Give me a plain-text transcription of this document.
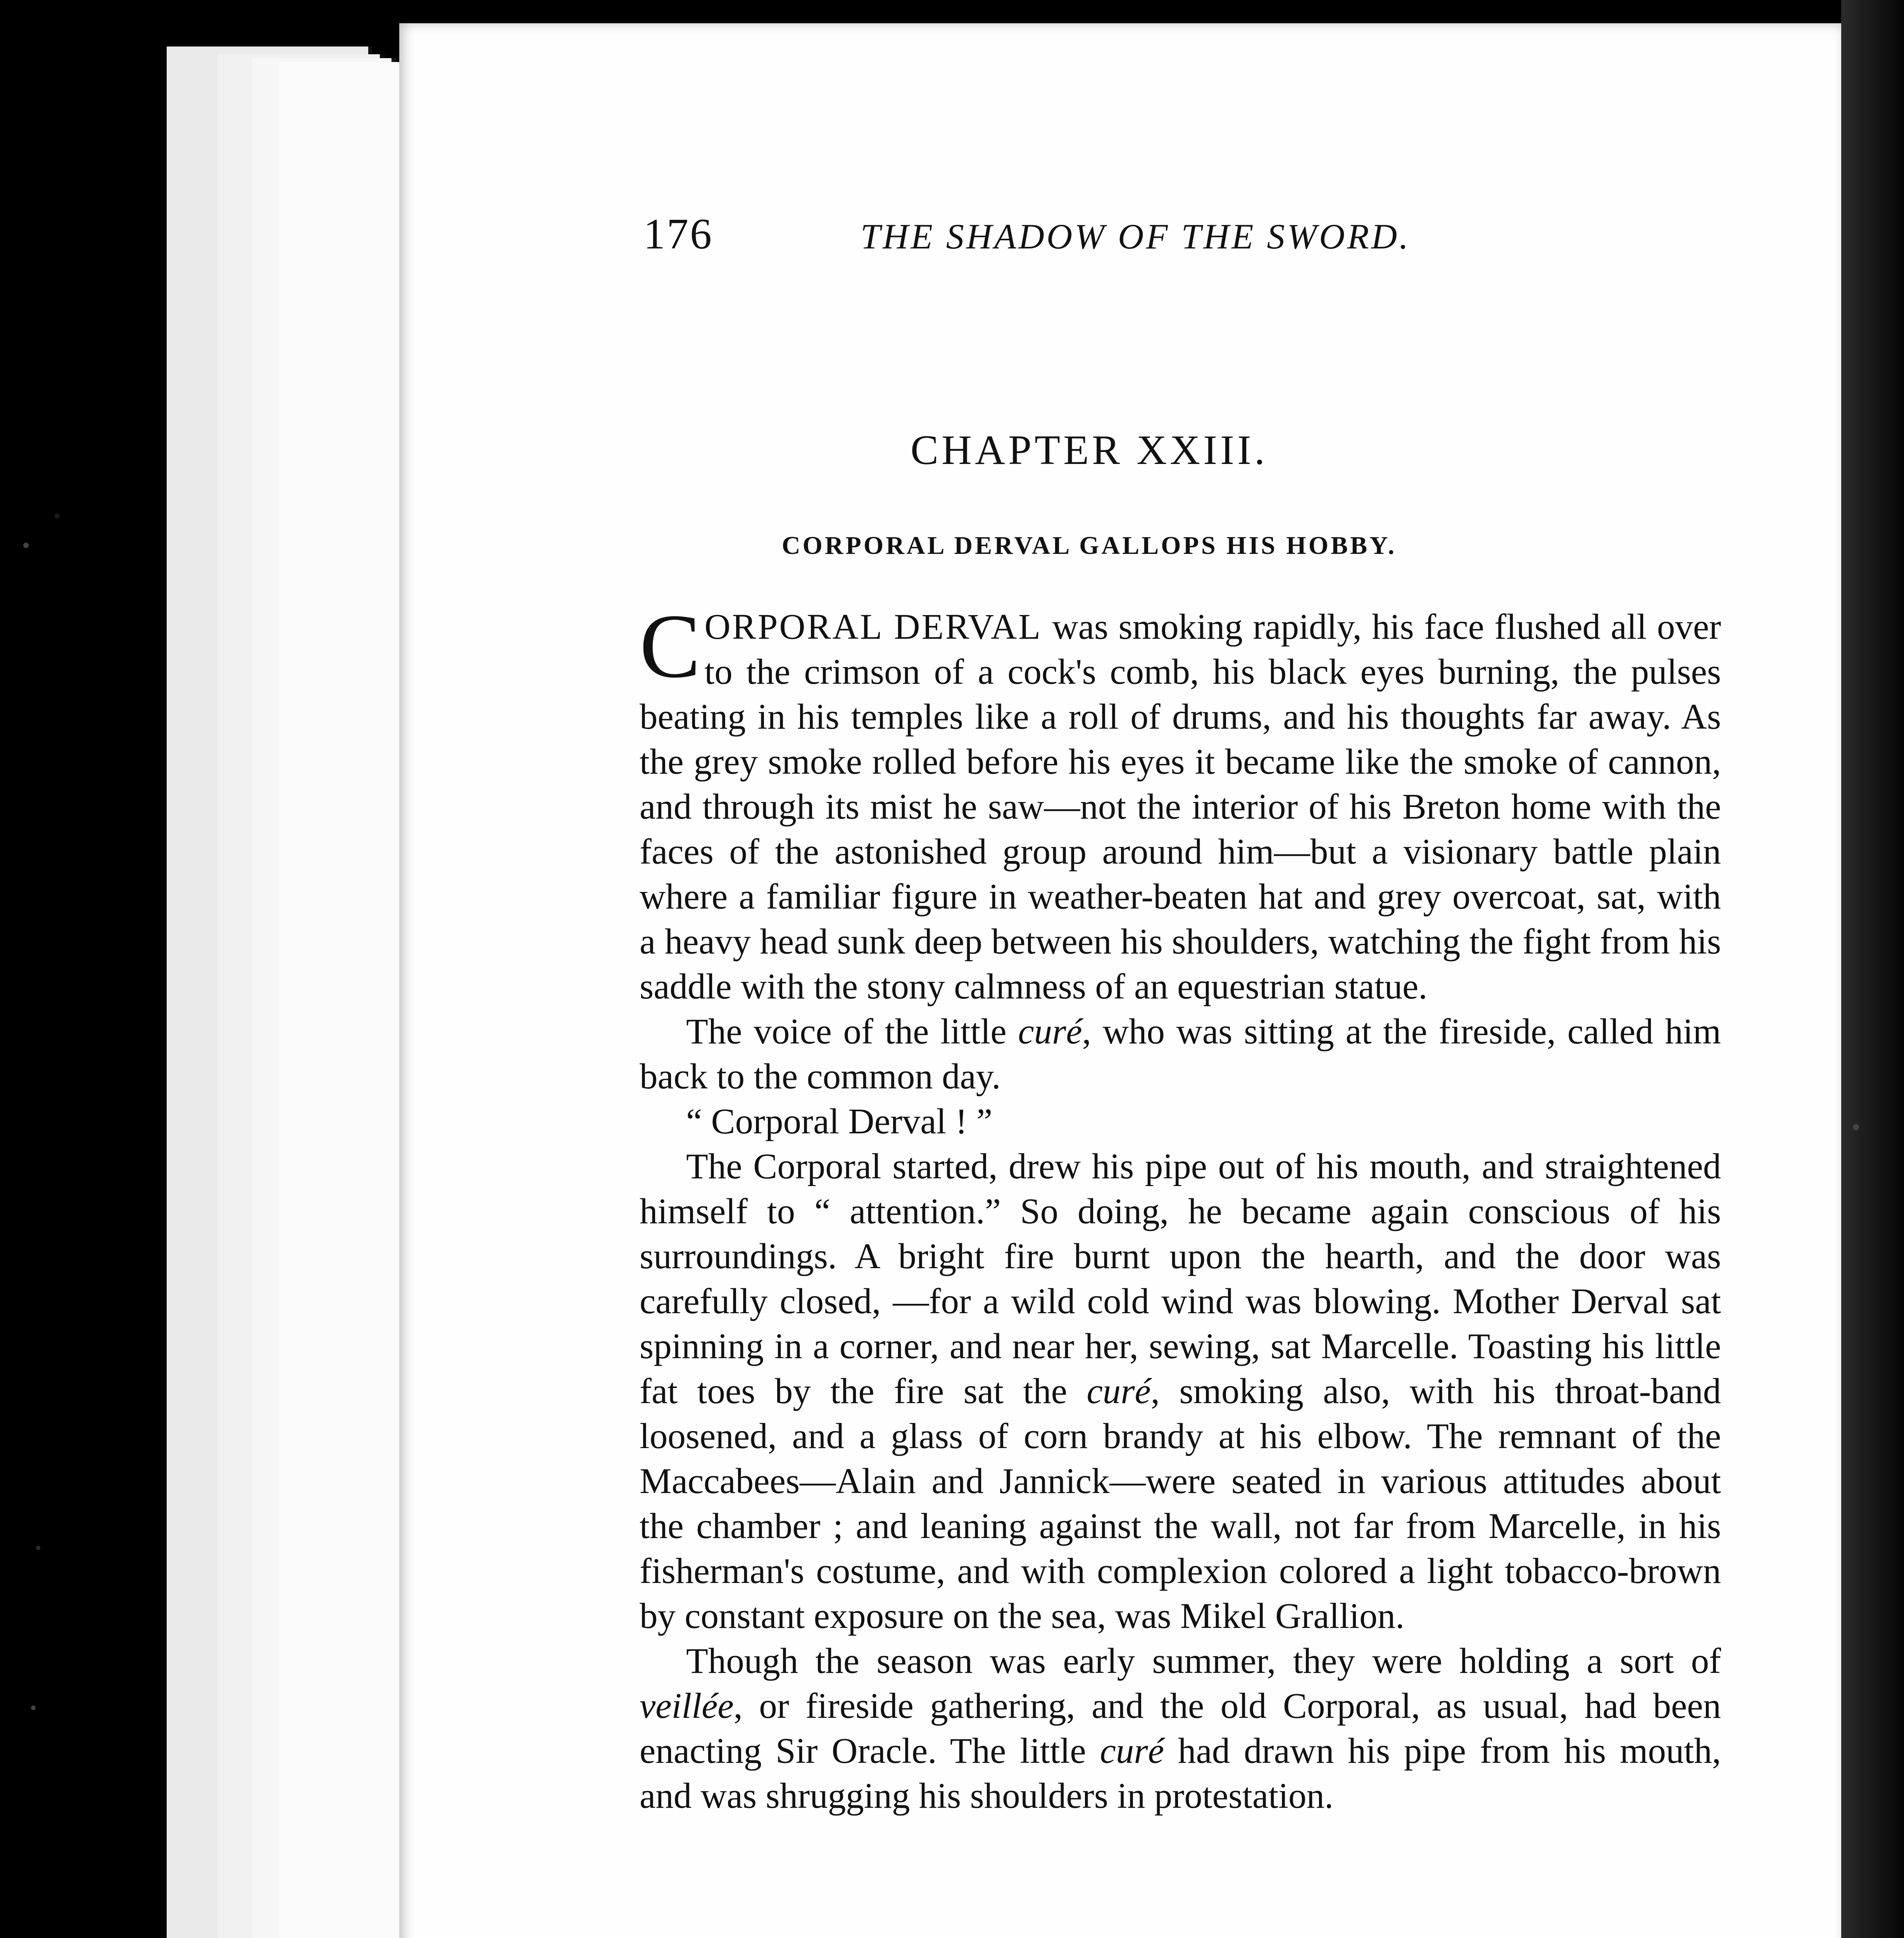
176	THE SHADOW OF THE SWORD.
CHAPTER XXIII.
CORPORAL DERVAL GALLOPS HIS HOBBY.

CORPORAL DERVAL was smoking rapidly, his face flushed all over to the crimson of a cock's comb, his black eyes burning, the pulses beating in his temples like a roll of drums, and his thoughts far away. As the grey smoke rolled before his eyes it became like the smoke of cannon, and through its mist he saw—not the interior of his Breton home with the faces of the astonished group around him—but a visionary battle plain where a familiar figure in weather-beaten hat and grey overcoat, sat, with a heavy head sunk deep between his shoulders, watching the fight from his saddle with the stony calmness of an equestrian statue.

The voice of the little curé, who was sitting at the fireside, called him back to the common day.

“ Corporal Derval ! ”

The Corporal started, drew his pipe out of his mouth, and straightened himself to “ attention.” So doing, he became again conscious of his surroundings. A bright fire burnt upon the hearth, and the door was carefully closed, —for a wild cold wind was blowing. Mother Derval sat spinning in a corner, and near her, sewing, sat Marcelle. Toasting his little fat toes by the fire sat the curé, smoking also, with his throat-band loosened, and a glass of corn brandy at his elbow. The remnant of the Maccabees—Alain and Jannick—were seated in various attitudes about the chamber ; and leaning against the wall, not far from Marcelle, in his fisherman's costume, and with complexion colored a light tobacco-brown by constant exposure on the sea, was Mikel Grallion.

Though the season was early summer, they were holding a sort of veillée, or fireside gathering, and the old Corporal, as usual, had been enacting Sir Oracle. The little curé had drawn his pipe from his mouth, and was shrugging his shoulders in protestation.
